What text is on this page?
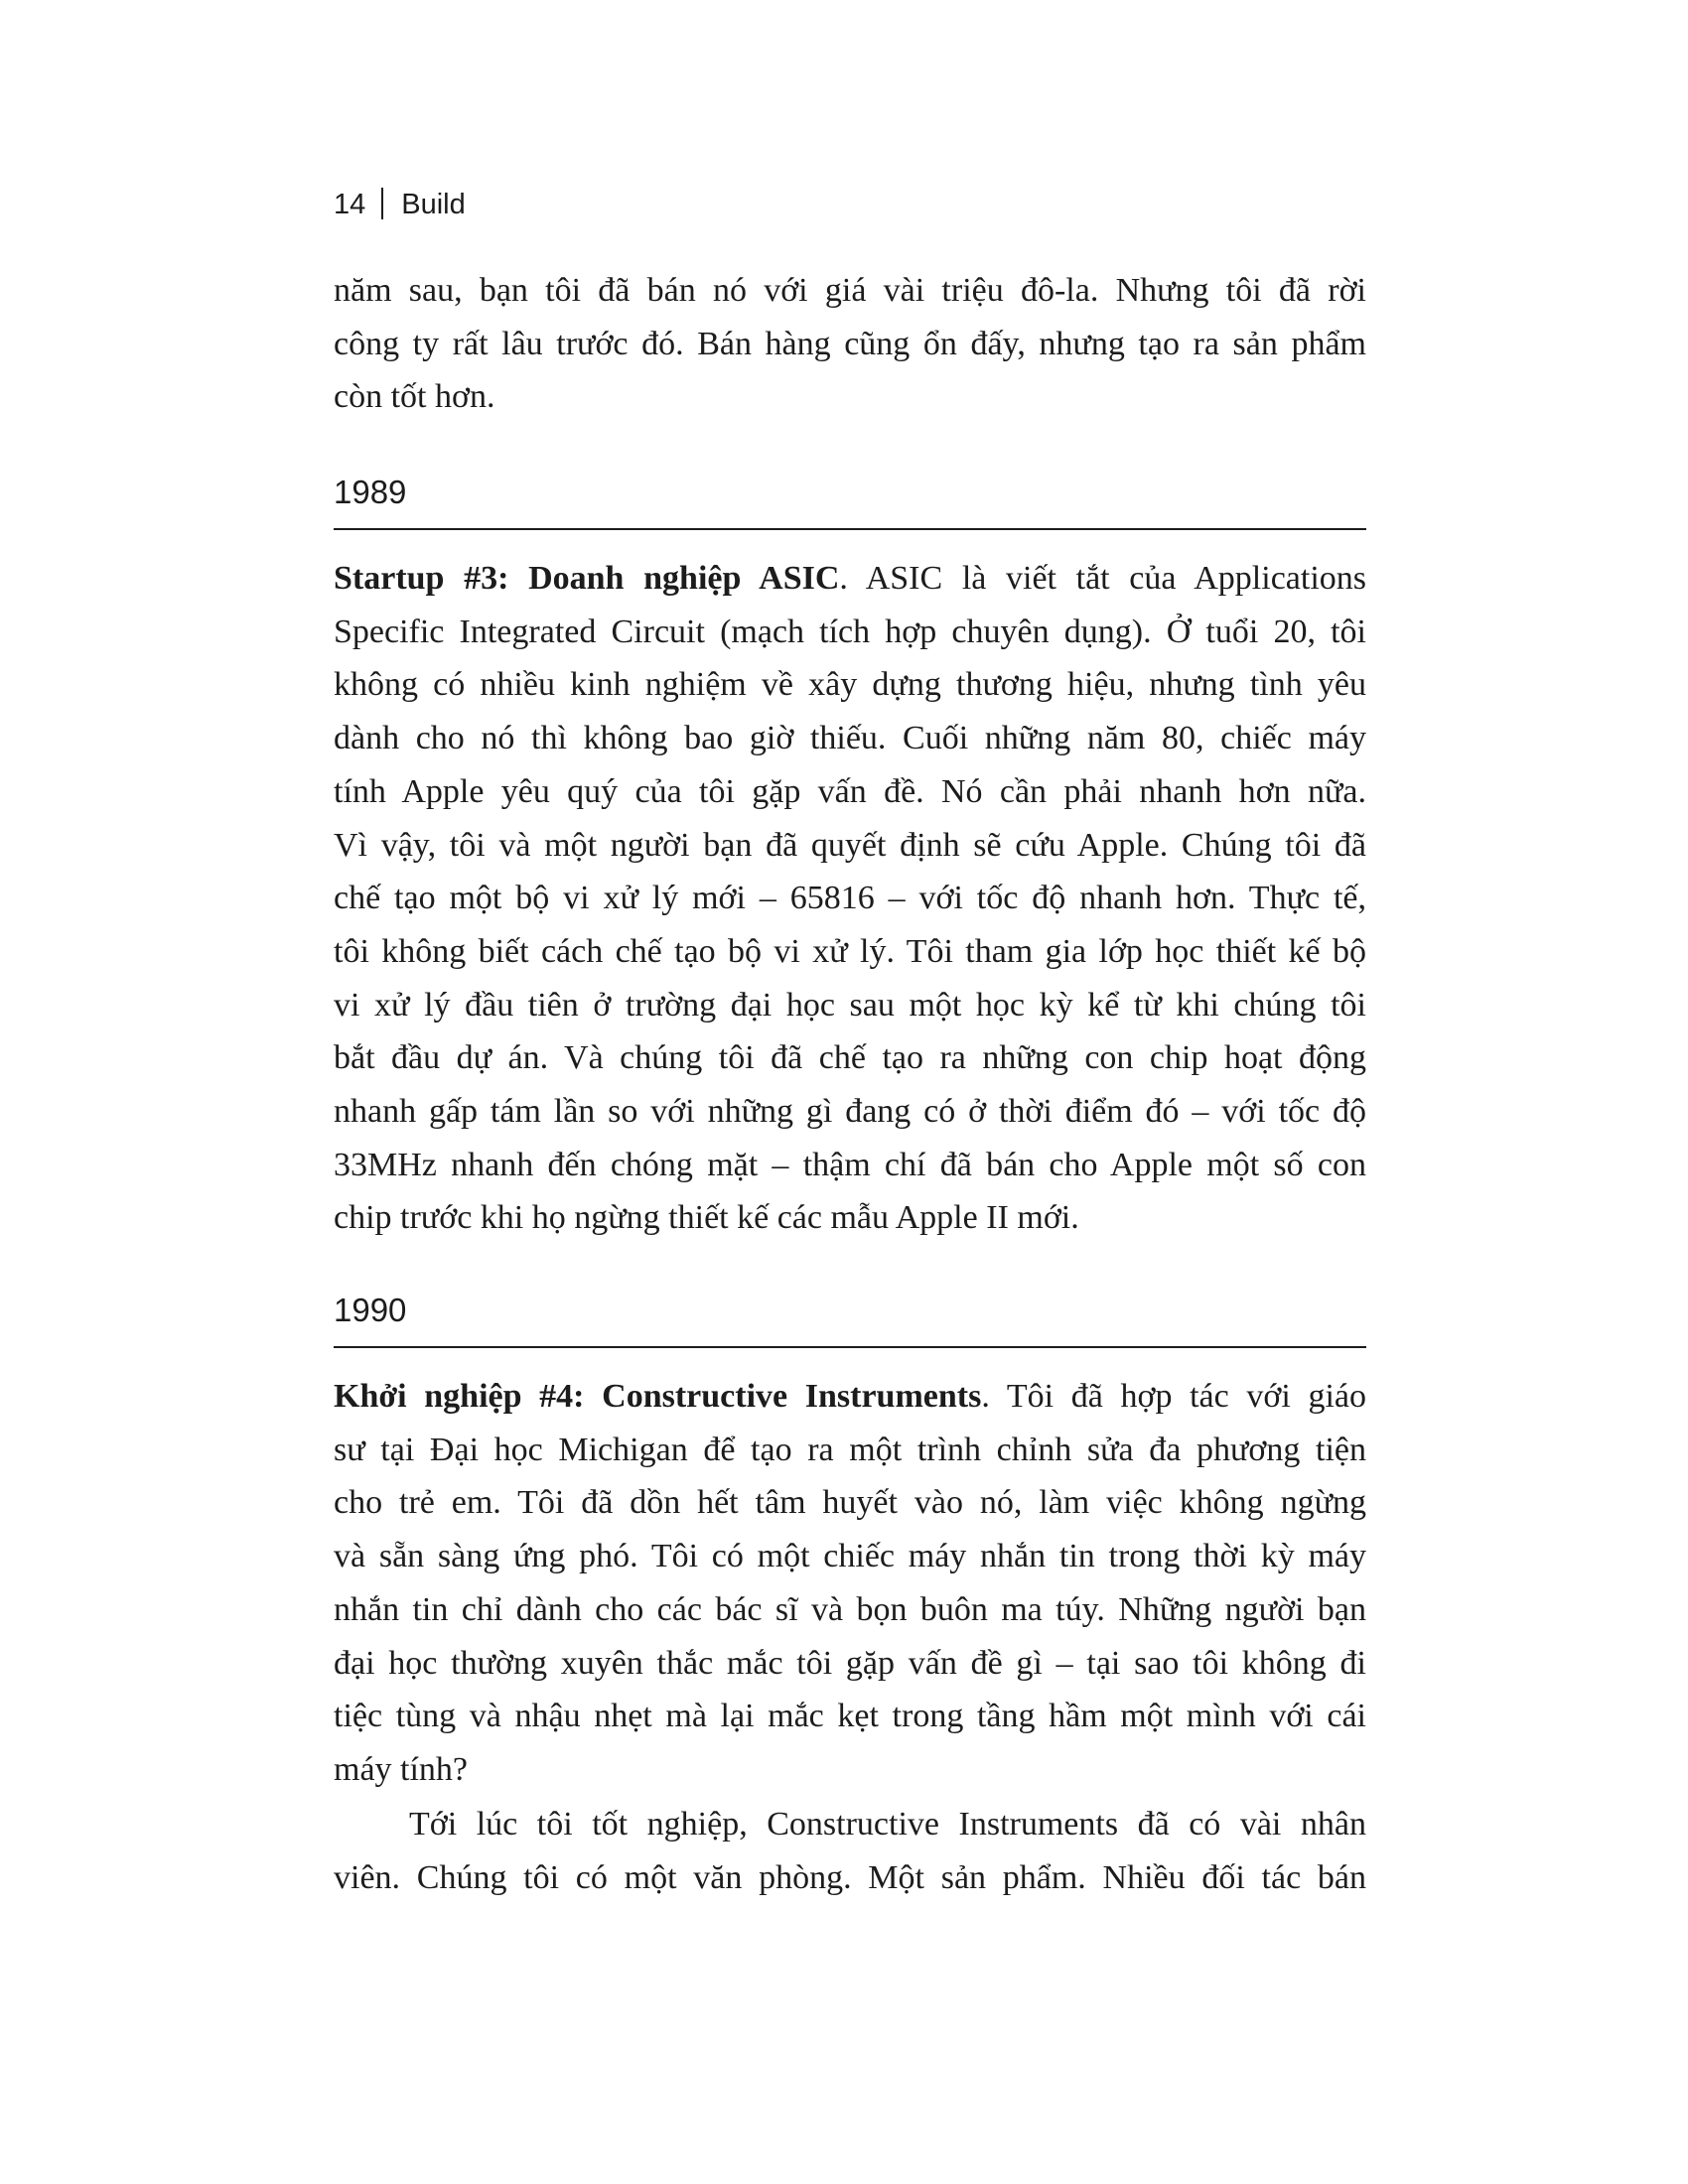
14 Build
năm sau, bạn tôi đã bán nó với giá vài triệu đô-la. Nhưng tôi đã rời
công ty rất lâu trước đó. Bán hàng cũng ổn đấy, nhưng tạo ra sản phẩm
còn tốt hơn.
1989
Startup #3: Doanh nghiệp ASIC. ASIC là viết tắt của Applications
Specific Integrated Circuit (mạch tích hợp chuyên dụng). Ở tuổi 20, tôi
không có nhiều kinh nghiệm về xây dựng thương hiệu, nhưng tình yêu
dành cho nó thì không bao giờ thiếu. Cuối những năm 80, chiếc máy
tính Apple yêu quý của tôi gặp vấn đề. Nó cần phải nhanh hơn nữa.
Vì vậy, tôi và một người bạn đã quyết định sẽ cứu Apple. Chúng tôi đã
chế tạo một bộ vi xử lý mới – 65816 – với tốc độ nhanh hơn. Thực tế,
tôi không biết cách chế tạo bộ vi xử lý. Tôi tham gia lớp học thiết kế bộ
vi xử lý đầu tiên ở trường đại học sau một học kỳ kể từ khi chúng tôi
bắt đầu dự án. Và chúng tôi đã chế tạo ra những con chip hoạt động
nhanh gấp tám lần so với những gì đang có ở thời điểm đó – với tốc độ
33MHz nhanh đến chóng mặt – thậm chí đã bán cho Apple một số con
chip trước khi họ ngừng thiết kế các mẫu Apple II mới.
1990
Khởi nghiệp #4: Constructive Instruments. Tôi đã hợp tác với giáo
sư tại Đại học Michigan để tạo ra một trình chỉnh sửa đa phương tiện
cho trẻ em. Tôi đã dồn hết tâm huyết vào nó, làm việc không ngừng
và sẵn sàng ứng phó. Tôi có một chiếc máy nhắn tin trong thời kỳ máy
nhắn tin chỉ dành cho các bác sĩ và bọn buôn ma túy. Những người bạn
đại học thường xuyên thắc mắc tôi gặp vấn đề gì – tại sao tôi không đi
tiệc tùng và nhậu nhẹt mà lại mắc kẹt trong tầng hầm một mình với cái
máy tính?
Tới lúc tôi tốt nghiệp, Constructive Instruments đã có vài nhân
viên. Chúng tôi có một văn phòng. Một sản phẩm. Nhiều đối tác bán
